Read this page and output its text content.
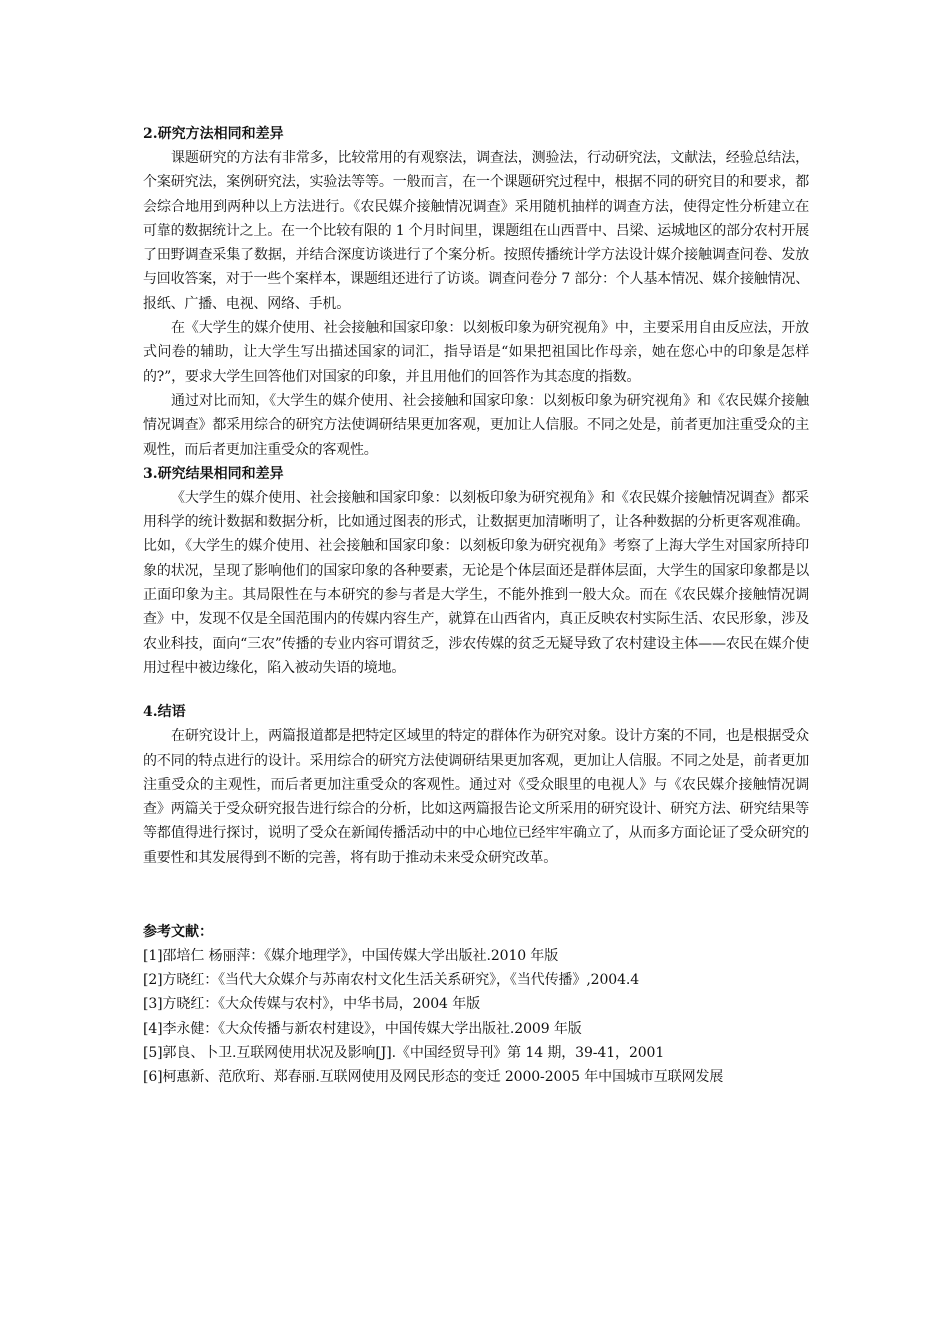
2.研究方法相同和差异

课题研究的方法有非常多，比较常用的有观察法，调查法，测验法，行动研究法，文献法，经验总结法，个案研究法，案例研究法，实验法等等。一般而言，在一个课题研究过程中，根据不同的研究目的和要求，都会综合地用到两种以上方法进行。《农民媒介接触情况调查》采用随机抽样的调查方法，使得定性分析建立在可靠的数据统计之上。在一个比较有限的 1 个月时间里，课题组在山西晋中、吕梁、运城地区的部分农村开展了田野调查采集了数据，并结合深度访谈进行了个案分析。按照传播统计学方法设计媒介接触调查问卷、发放与回收答案，对于一些个案样本，课题组还进行了访谈。调查问卷分 7 部分：个人基本情况、媒介接触情况、报纸、广播、电视、网络、手机。

在《大学生的媒介使用、社会接触和国家印象：以刻板印象为研究视角》中，主要采用自由反应法，开放式问卷的辅助，让大学生写出描述国家的词汇，指导语是“如果把祖国比作母亲，她在您心中的印象是怎样的?”，要求大学生回答他们对国家的印象，并且用他们的回答作为其态度的指数。

通过对比而知，《大学生的媒介使用、社会接触和国家印象：以刻板印象为研究视角》和《农民媒介接触情况调查》都采用综合的研究方法使调研结果更加客观，更加让人信服。不同之处是，前者更加注重受众的主观性，而后者更加注重受众的客观性。

3.研究结果相同和差异

《大学生的媒介使用、社会接触和国家印象：以刻板印象为研究视角》和《农民媒介接触情况调查》都采用科学的统计数据和数据分析，比如通过图表的形式，让数据更加清晰明了，让各种数据的分析更客观准确。比如，《大学生的媒介使用、社会接触和国家印象：以刻板印象为研究视角》考察了上海大学生对国家所持印象的状况，呈现了影响他们的国家印象的各种要素，无论是个体层面还是群体层面，大学生的国家印象都是以正面印象为主。其局限性在与本研究的参与者是大学生，不能外推到一般大众。而在《农民媒介接触情况调查》中，发现不仅是全国范围内的传媒内容生产，就算在山西省内，真正反映农村实际生活、农民形象，涉及农业科技，面向“三农”传播的专业内容可谓贫乏，涉农传媒的贫乏无疑导致了农村建设主体——农民在媒介使用过程中被边缘化，陷入被动失语的境地。

4.结语

在研究设计上，两篇报道都是把特定区域里的特定的群体作为研究对象。设计方案的不同，也是根据受众的不同的特点进行的设计。采用综合的研究方法使调研结果更加客观，更加让人信服。不同之处是，前者更加注重受众的主观性，而后者更加注重受众的客观性。通过对《受众眼里的电视人》与《农民媒介接触情况调查》两篇关于受众研究报告进行综合的分析，比如这两篇报告论文所采用的研究设计、研究方法、研究结果等等都值得进行探讨，说明了受众在新闻传播活动中的中心地位已经牢牢确立了，从而多方面论证了受众研究的重要性和其发展得到不断的完善，将有助于推动未来受众研究改革。

参考文献：

[1]邵培仁 杨丽萍：《媒介地理学》，中国传媒大学出版社.2010 年版

[2]方晓红：《当代大众媒介与苏南农村文化生活关系研究》，《当代传播》,2004.4

[3]方晓红：《大众传媒与农村》，中华书局，2004 年版

[4]李永健：《大众传播与新农村建设》，中国传媒大学出版社.2009 年版

[5]郭良、卜卫.互联网使用状况及影响[J].《中国经贸导刊》第 14 期，39-41，2001

[6]柯惠新、范欣珩、郑春丽.互联网使用及网民形态的变迁 2000-2005 年中国城市互联网发展
